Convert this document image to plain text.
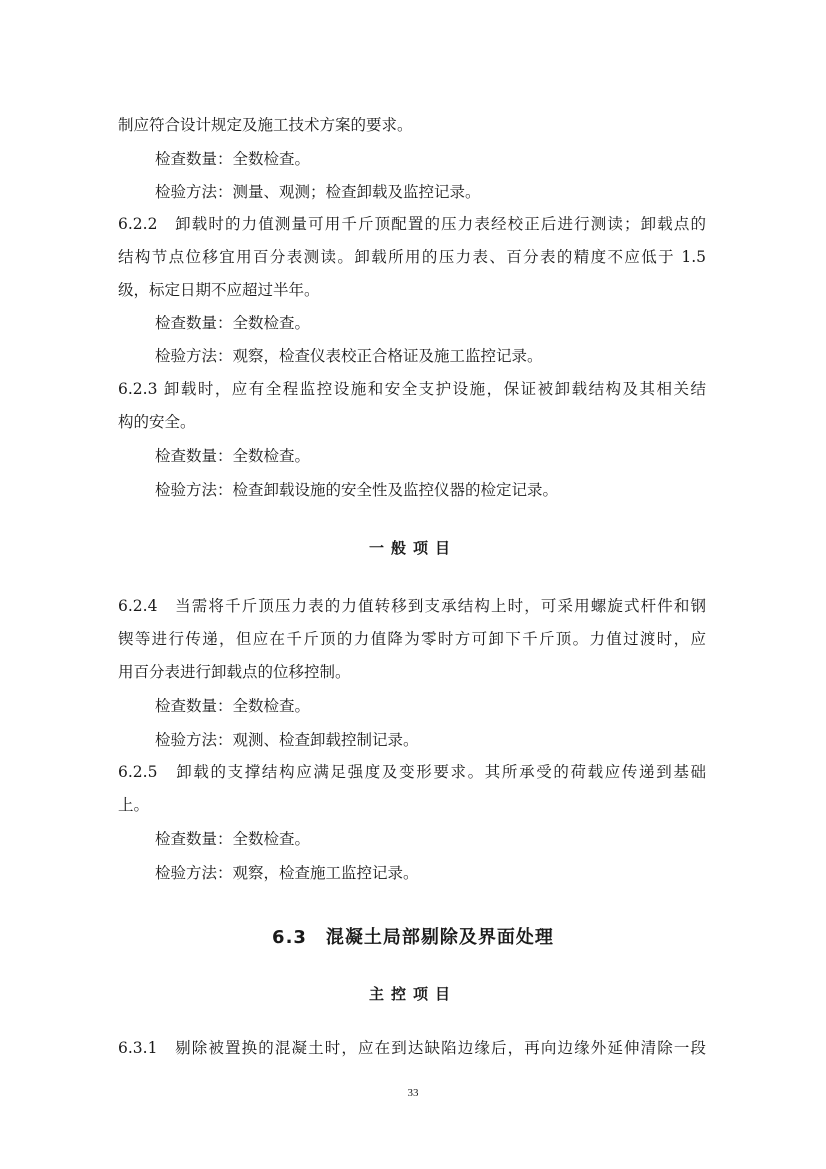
制应符合设计规定及施工技术方案的要求。
检查数量：全数检查。
检验方法：测量、观测；检查卸载及监控记录。
6.2.2　卸载时的力值测量可用千斤顶配置的压力表经校正后进行测读；卸载点的
结构节点位移宜用百分表测读。卸载所用的压力表、百分表的精度不应低于 1.5
级，标定日期不应超过半年。
检查数量：全数检查。
检验方法：观察，检查仪表校正合格证及施工监控记录。
6.2.3 卸载时，应有全程监控设施和安全支护设施，保证被卸载结构及其相关结
构的安全。
检查数量：全数检查。
检验方法：检查卸载设施的安全性及监控仪器的检定记录。
一般项目
6.2.4　当需将千斤顶压力表的力值转移到支承结构上时，可采用螺旋式杆件和钢
锲等进行传递，但应在千斤顶的力值降为零时方可卸下千斤顶。力值过渡时，应
用百分表进行卸载点的位移控制。
检查数量：全数检查。
检验方法：观测、检查卸载控制记录。
6.2.5　卸载的支撑结构应满足强度及变形要求。其所承受的荷载应传递到基础
上。
检查数量：全数检查。
检验方法：观察，检查施工监控记录。
6.3　混凝土局部剔除及界面处理
主控项目
6.3.1　剔除被置换的混凝土时，应在到达缺陷边缘后，再向边缘外延伸清除一段
33
